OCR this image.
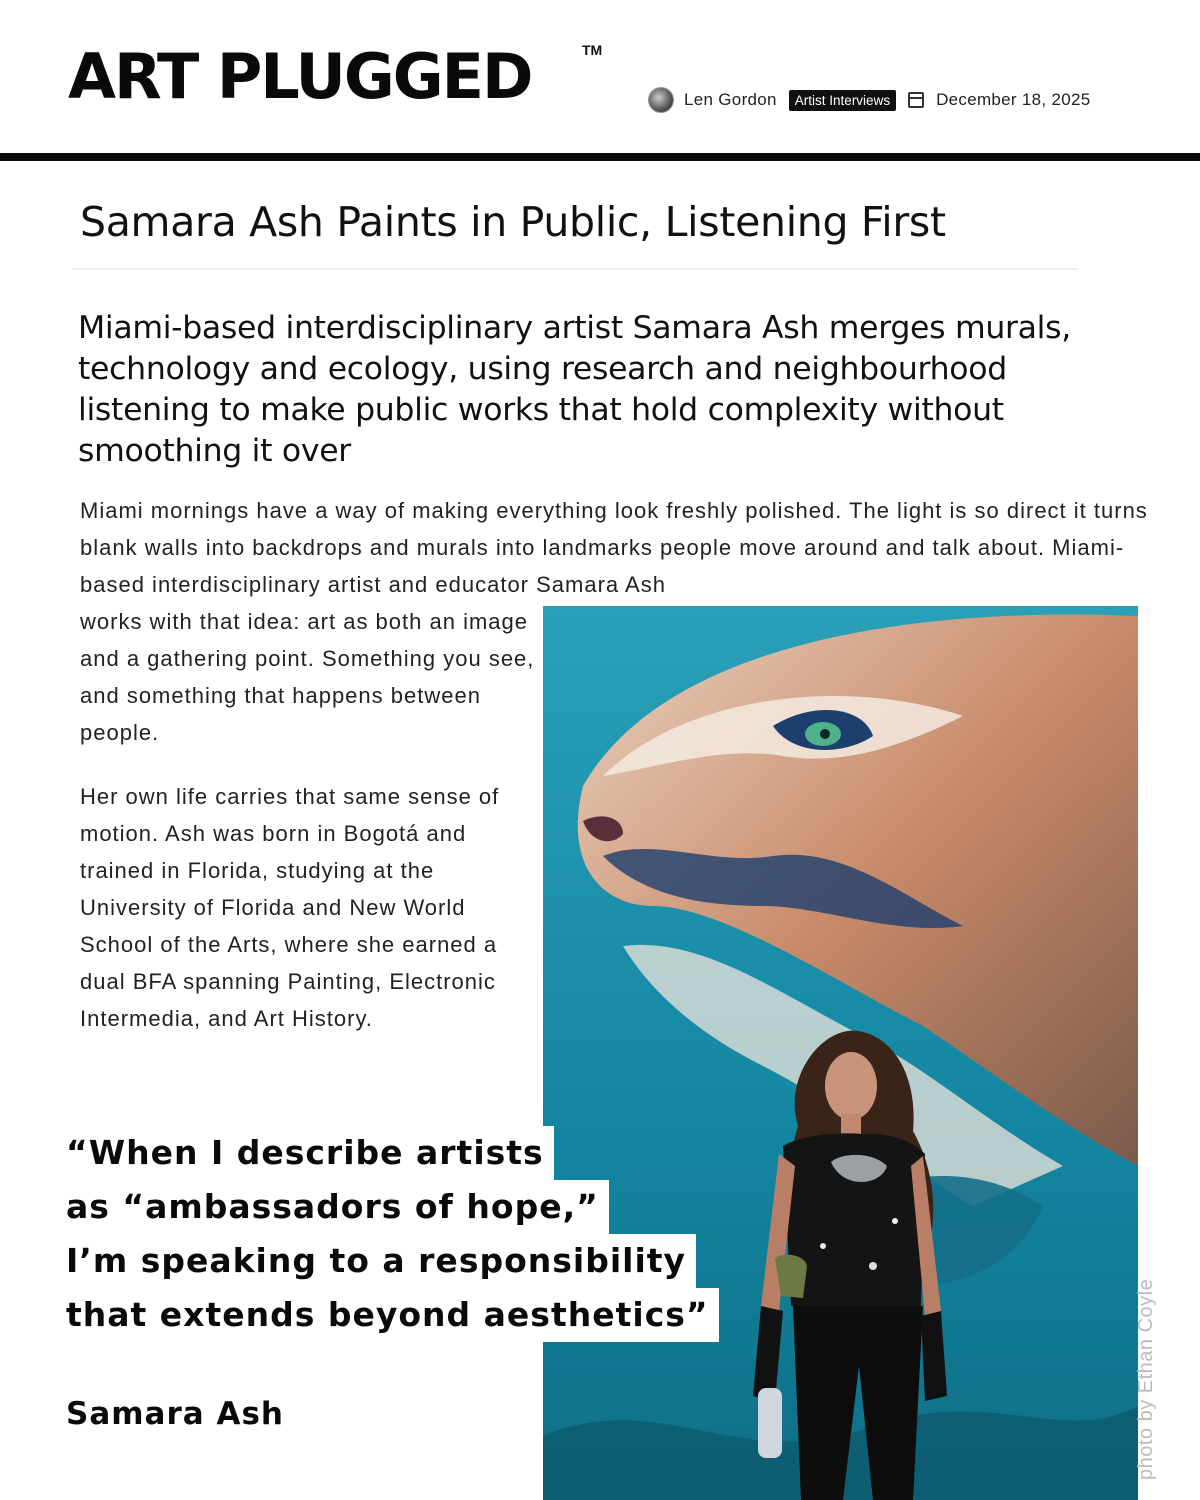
ART PLUGGED	TM
Len Gordon	Artist Interviews	December 18, 2025
Samara Ash Paints in Public, Listening First

Miami-based interdisciplinary artist Samara Ash merges murals, technology and ecology, using research and neighbourhood listening to make public works that hold complexity without smoothing it over

Miami mornings have a way of making everything look freshly polished. The light is so direct it turns blank walls into backdrops and murals into landmarks people move around and talk about. Miami-based interdisciplinary artist and educator Samara Ash

works with that idea: art as both an image and a gathering point. Something you see, and something that happens between people.

Her own life carries that same sense of motion. Ash was born in Bogotá and trained in Florida, studying at the University of Florida and New World School of the Arts, where she earned a dual BFA spanning Painting, Electronic Intermedia, and Art History.

“When I describe artists
as “ambassadors of hope,”
I’m speaking to a responsibility
that extends beyond aesthetics”
Samara Ash	photo by Ethan Coyle
